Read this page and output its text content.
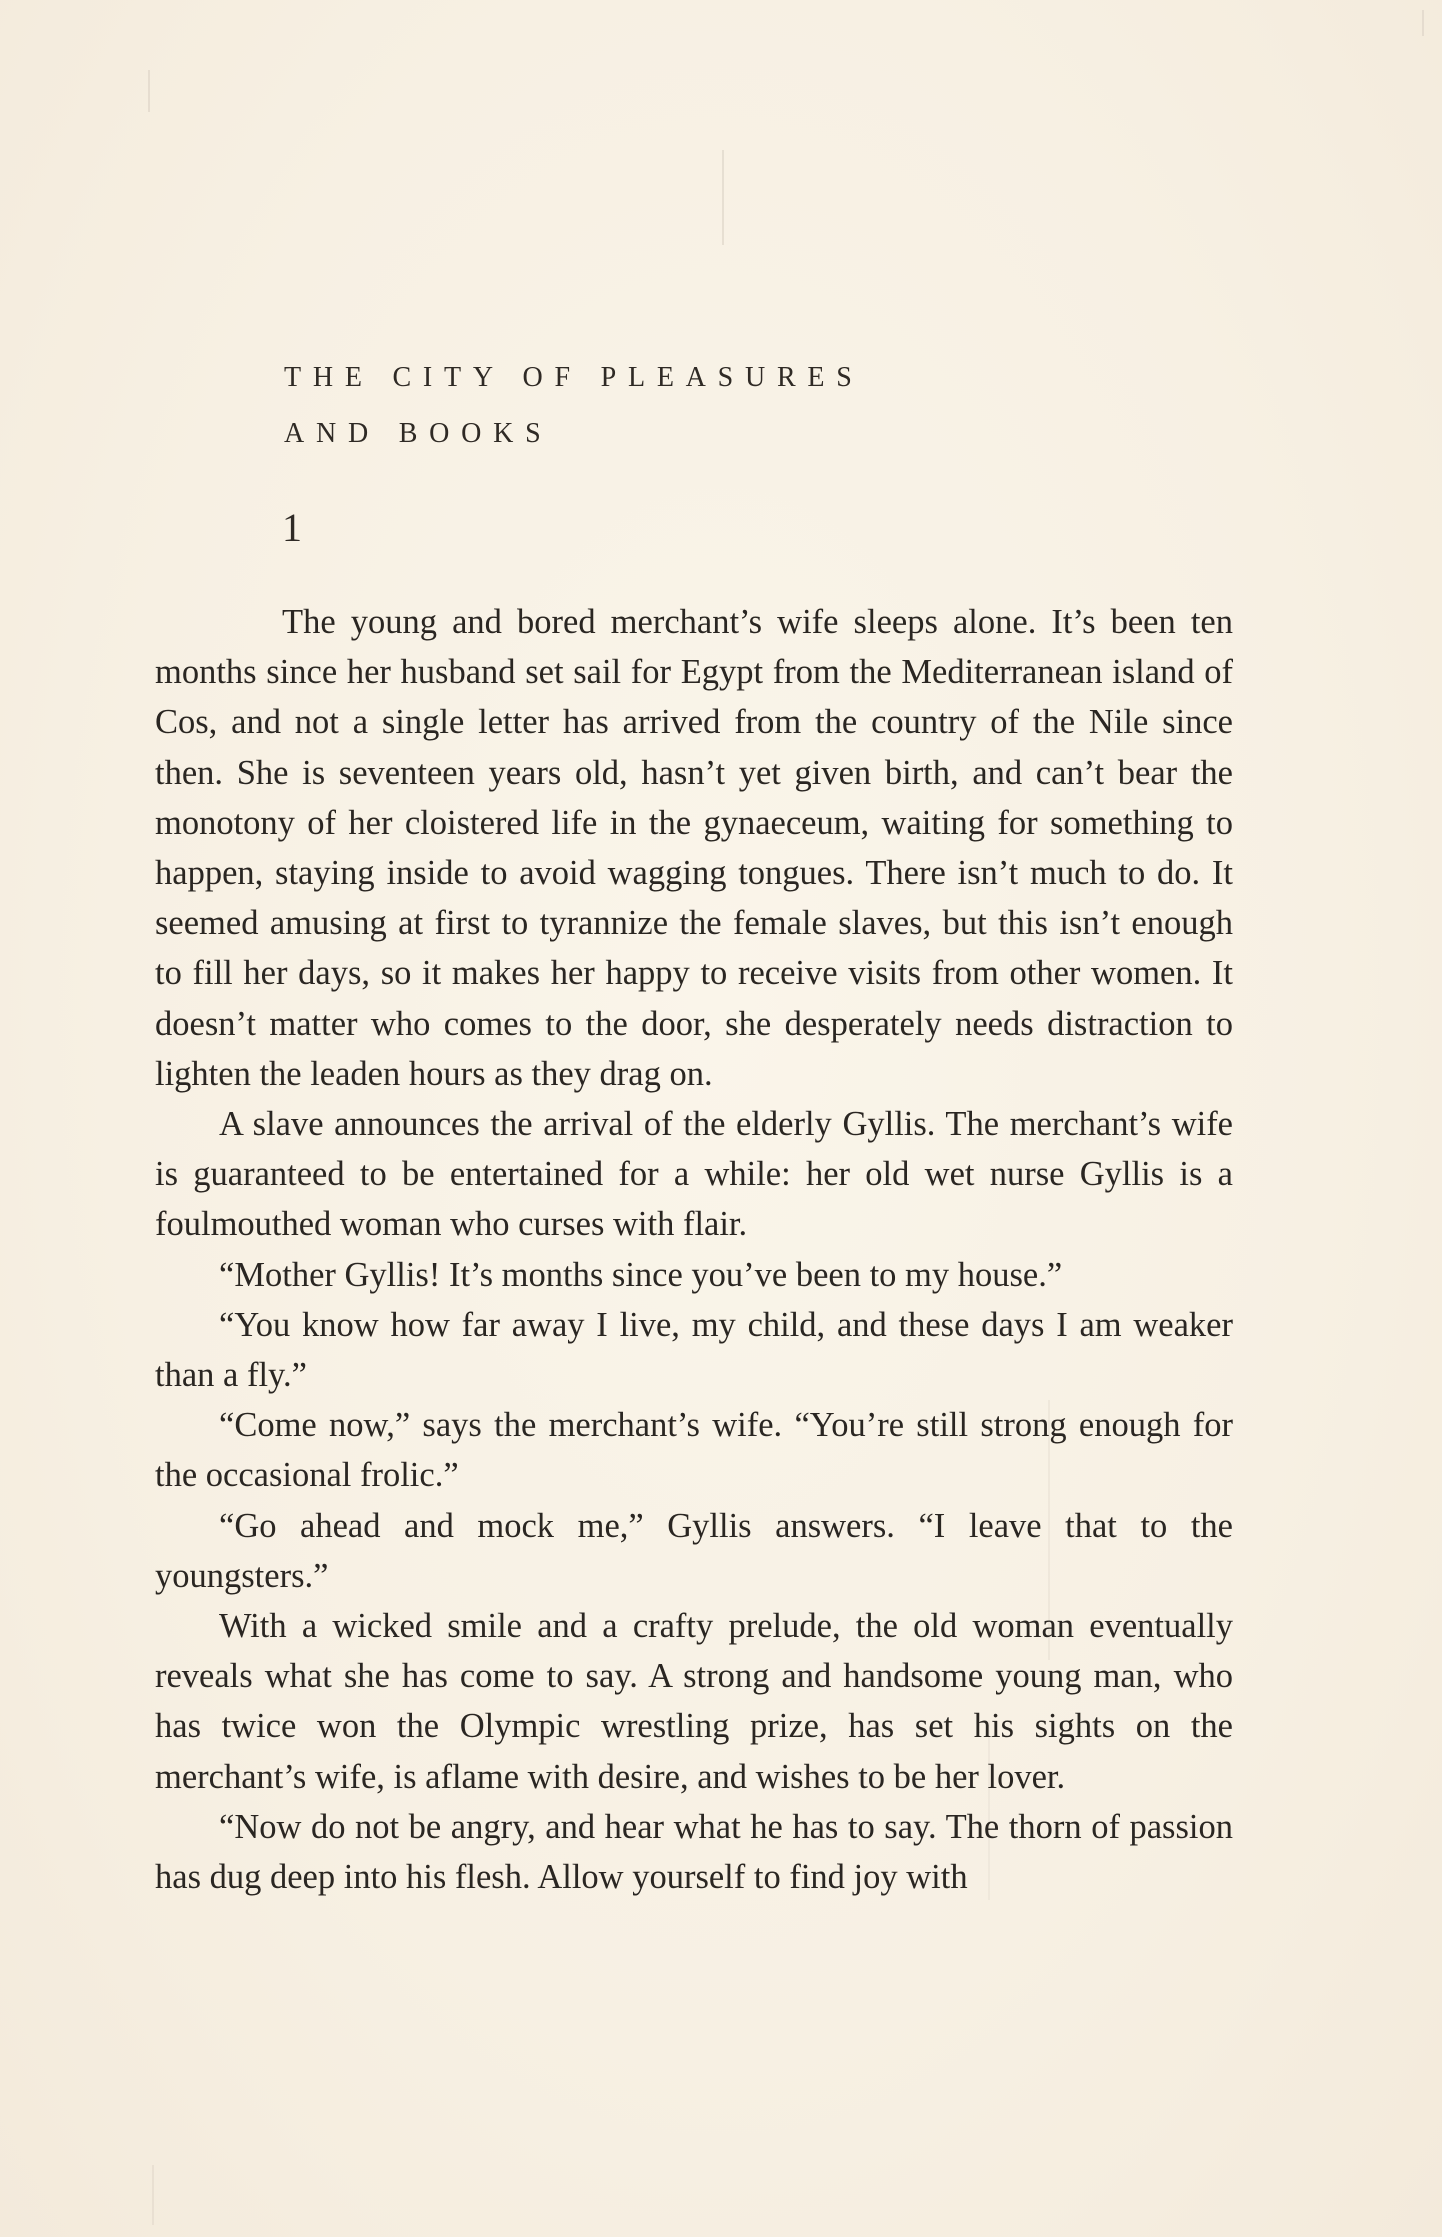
THE CITY OF PLEASURES
AND BOOKS
1

The young and bored merchant’s wife sleeps alone. It’s been ten months since her husband set sail for Egypt from the Mediterranean island of Cos, and not a single letter has arrived from the country of the Nile since then. She is seventeen years old, hasn’t yet given birth, and can’t bear the monotony of her cloistered life in the gynaeceum, waiting for something to happen, staying inside to avoid wagging tongues. There isn’t much to do. It seemed amusing at first to tyrannize the female slaves, but this isn’t enough to fill her days, so it makes her happy to receive visits from other women. It doesn’t matter who comes to the door, she desperately needs distraction to lighten the leaden hours as they drag on.

A slave announces the arrival of the elderly Gyllis. The merchant’s wife is guaranteed to be entertained for a while: her old wet nurse Gyllis is a foulmouthed woman who curses with flair.

“Mother Gyllis! It’s months since you’ve been to my house.”

“You know how far away I live, my child, and these days I am weaker than a fly.”

“Come now,” says the merchant’s wife. “You’re still strong enough for the occasional frolic.”

“Go ahead and mock me,” Gyllis answers. “I leave that to the youngsters.”

With a wicked smile and a crafty prelude, the old woman eventually reveals what she has come to say. A strong and handsome young man, who has twice won the Olympic wrestling prize, has set his sights on the merchant’s wife, is aflame with desire, and wishes to be her lover.

“Now do not be angry, and hear what he has to say. The thorn of passion has dug deep into his flesh. Allow yourself to find joy with
